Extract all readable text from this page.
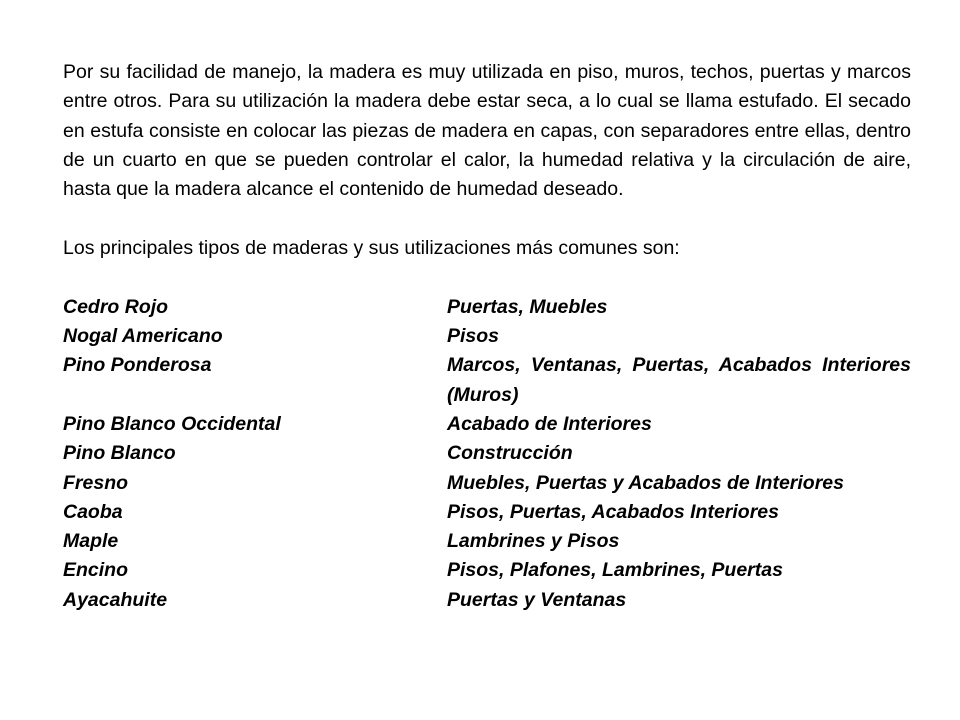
Por su facilidad de manejo, la madera es muy utilizada en piso, muros, techos, puertas y marcos entre otros. Para su utilización la madera debe estar seca, a lo cual se llama estufado. El secado en estufa consiste en colocar las piezas de madera en capas, con separadores entre ellas, dentro de un cuarto en que se pueden controlar el calor, la humedad relativa y la circulación de aire, hasta que la madera alcance el contenido de humedad deseado.

Los principales tipos de maderas y sus utilizaciones más comunes son:

Cedro Rojo	Puertas, Muebles
Nogal Americano	Pisos
Pino Ponderosa	Marcos, Ventanas, Puertas, Acabados Interiores (Muros)
Pino Blanco Occidental	Acabado de Interiores
Pino Blanco	Construcción
Fresno	Muebles, Puertas y Acabados de Interiores
Caoba	Pisos, Puertas, Acabados Interiores
Maple	Lambrines y Pisos
Encino	Pisos, Plafones, Lambrines, Puertas
Ayacahuite	Puertas y Ventanas
